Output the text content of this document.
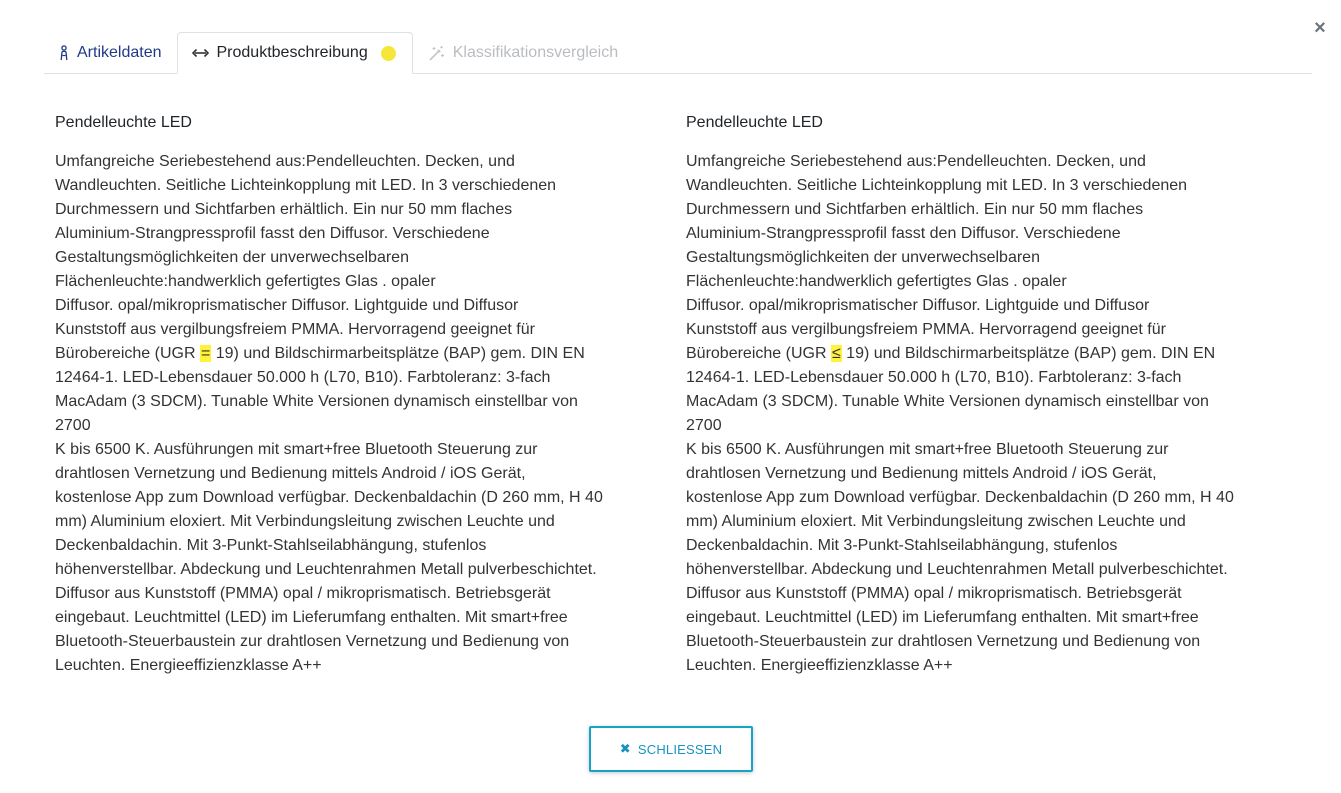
×
Artikeldaten	Produktbeschreibung	Klassifikationsvergleich
Pendelleuchte LED

Umfangreiche Seriebestehend aus:Pendelleuchten. Decken, und
Wandleuchten. Seitliche Lichteinkopplung mit LED. In 3 verschiedenen
Durchmessern und Sichtfarben erhältlich. Ein nur 50 mm flaches
Aluminium-Strangpressprofil fasst den Diffusor. Verschiedene
Gestaltungsmöglichkeiten der unverwechselbaren
Flächenleuchte:handwerklich gefertigtes Glas . opaler
Diffusor. opal/mikroprismatischer Diffusor. Lightguide und Diffusor
Kunststoff aus vergilbungsfreiem PMMA. Hervorragend geeignet für
Bürobereiche (UGR = 19) und Bildschirmarbeitsplätze (BAP) gem. DIN EN
12464-1. LED-Lebensdauer 50.000 h (L70, B10). Farbtoleranz: 3-fach
MacAdam (3 SDCM). Tunable White Versionen dynamisch einstellbar von 2700
K bis 6500 K. Ausführungen mit smart+free Bluetooth Steuerung zur
drahtlosen Vernetzung und Bedienung mittels Android / iOS Gerät,
kostenlose App zum Download verfügbar. Deckenbaldachin (D 260 mm, H 40
mm) Aluminium eloxiert. Mit Verbindungsleitung zwischen Leuchte und
Deckenbaldachin. Mit 3-Punkt-Stahlseilabhängung, stufenlos
höhenverstellbar. Abdeckung und Leuchtenrahmen Metall pulverbeschichtet.
Diffusor aus Kunststoff (PMMA) opal / mikroprismatisch. Betriebsgerät
eingebaut. Leuchtmittel (LED) im Lieferumfang enthalten. Mit smart+free
Bluetooth-Steuerbaustein zur drahtlosen Vernetzung und Bedienung von
Leuchten. Energieeffizienzklasse A++

Pendelleuchte LED

Umfangreiche Seriebestehend aus:Pendelleuchten. Decken, und
Wandleuchten. Seitliche Lichteinkopplung mit LED. In 3 verschiedenen
Durchmessern und Sichtfarben erhältlich. Ein nur 50 mm flaches
Aluminium-Strangpressprofil fasst den Diffusor. Verschiedene
Gestaltungsmöglichkeiten der unverwechselbaren
Flächenleuchte:handwerklich gefertigtes Glas . opaler
Diffusor. opal/mikroprismatischer Diffusor. Lightguide und Diffusor
Kunststoff aus vergilbungsfreiem PMMA. Hervorragend geeignet für
Bürobereiche (UGR ≤ 19) und Bildschirmarbeitsplätze (BAP) gem. DIN EN
12464-1. LED-Lebensdauer 50.000 h (L70, B10). Farbtoleranz: 3-fach
MacAdam (3 SDCM). Tunable White Versionen dynamisch einstellbar von 2700
K bis 6500 K. Ausführungen mit smart+free Bluetooth Steuerung zur
drahtlosen Vernetzung und Bedienung mittels Android / iOS Gerät,
kostenlose App zum Download verfügbar. Deckenbaldachin (D 260 mm, H 40
mm) Aluminium eloxiert. Mit Verbindungsleitung zwischen Leuchte und
Deckenbaldachin. Mit 3-Punkt-Stahlseilabhängung, stufenlos
höhenverstellbar. Abdeckung und Leuchtenrahmen Metall pulverbeschichtet.
Diffusor aus Kunststoff (PMMA) opal / mikroprismatisch. Betriebsgerät
eingebaut. Leuchtmittel (LED) im Lieferumfang enthalten. Mit smart+free
Bluetooth-Steuerbaustein zur drahtlosen Vernetzung und Bedienung von
Leuchten. Energieeffizienzklasse A++

✖ SCHLIESSEN
